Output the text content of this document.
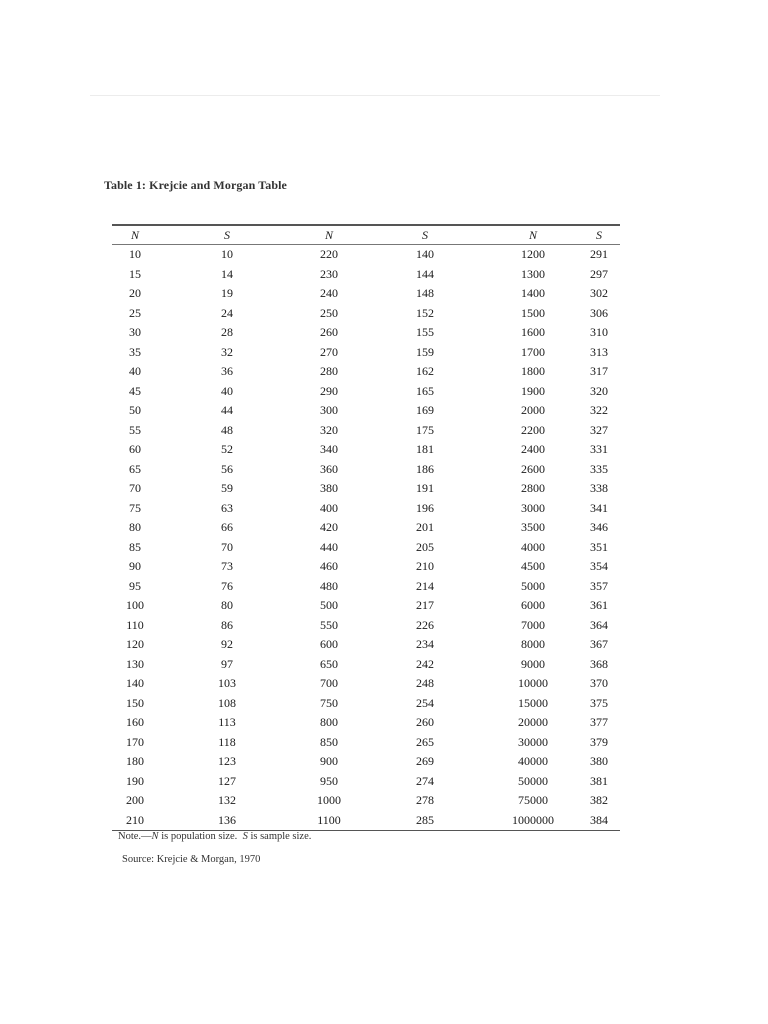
Table 1: Krejcie and Morgan Table
N	S	N	S	N	S
10	10	220	140	1200	291
15	14	230	144	1300	297
20	19	240	148	1400	302
25	24	250	152	1500	306
30	28	260	155	1600	310
35	32	270	159	1700	313
40	36	280	162	1800	317
45	40	290	165	1900	320
50	44	300	169	2000	322
55	48	320	175	2200	327
60	52	340	181	2400	331
65	56	360	186	2600	335
70	59	380	191	2800	338
75	63	400	196	3000	341
80	66	420	201	3500	346
85	70	440	205	4000	351
90	73	460	210	4500	354
95	76	480	214	5000	357
100	80	500	217	6000	361
110	86	550	226	7000	364
120	92	600	234	8000	367
130	97	650	242	9000	368
140	103	700	248	10000	370
150	108	750	254	15000	375
160	113	800	260	20000	377
170	118	850	265	30000	379
180	123	900	269	40000	380
190	127	950	274	50000	381
200	132	1000	278	75000	382
210	136	1100	285	1000000	384
Note.—N is population size. S is sample size.
Source: Krejcie & Morgan, 1970
